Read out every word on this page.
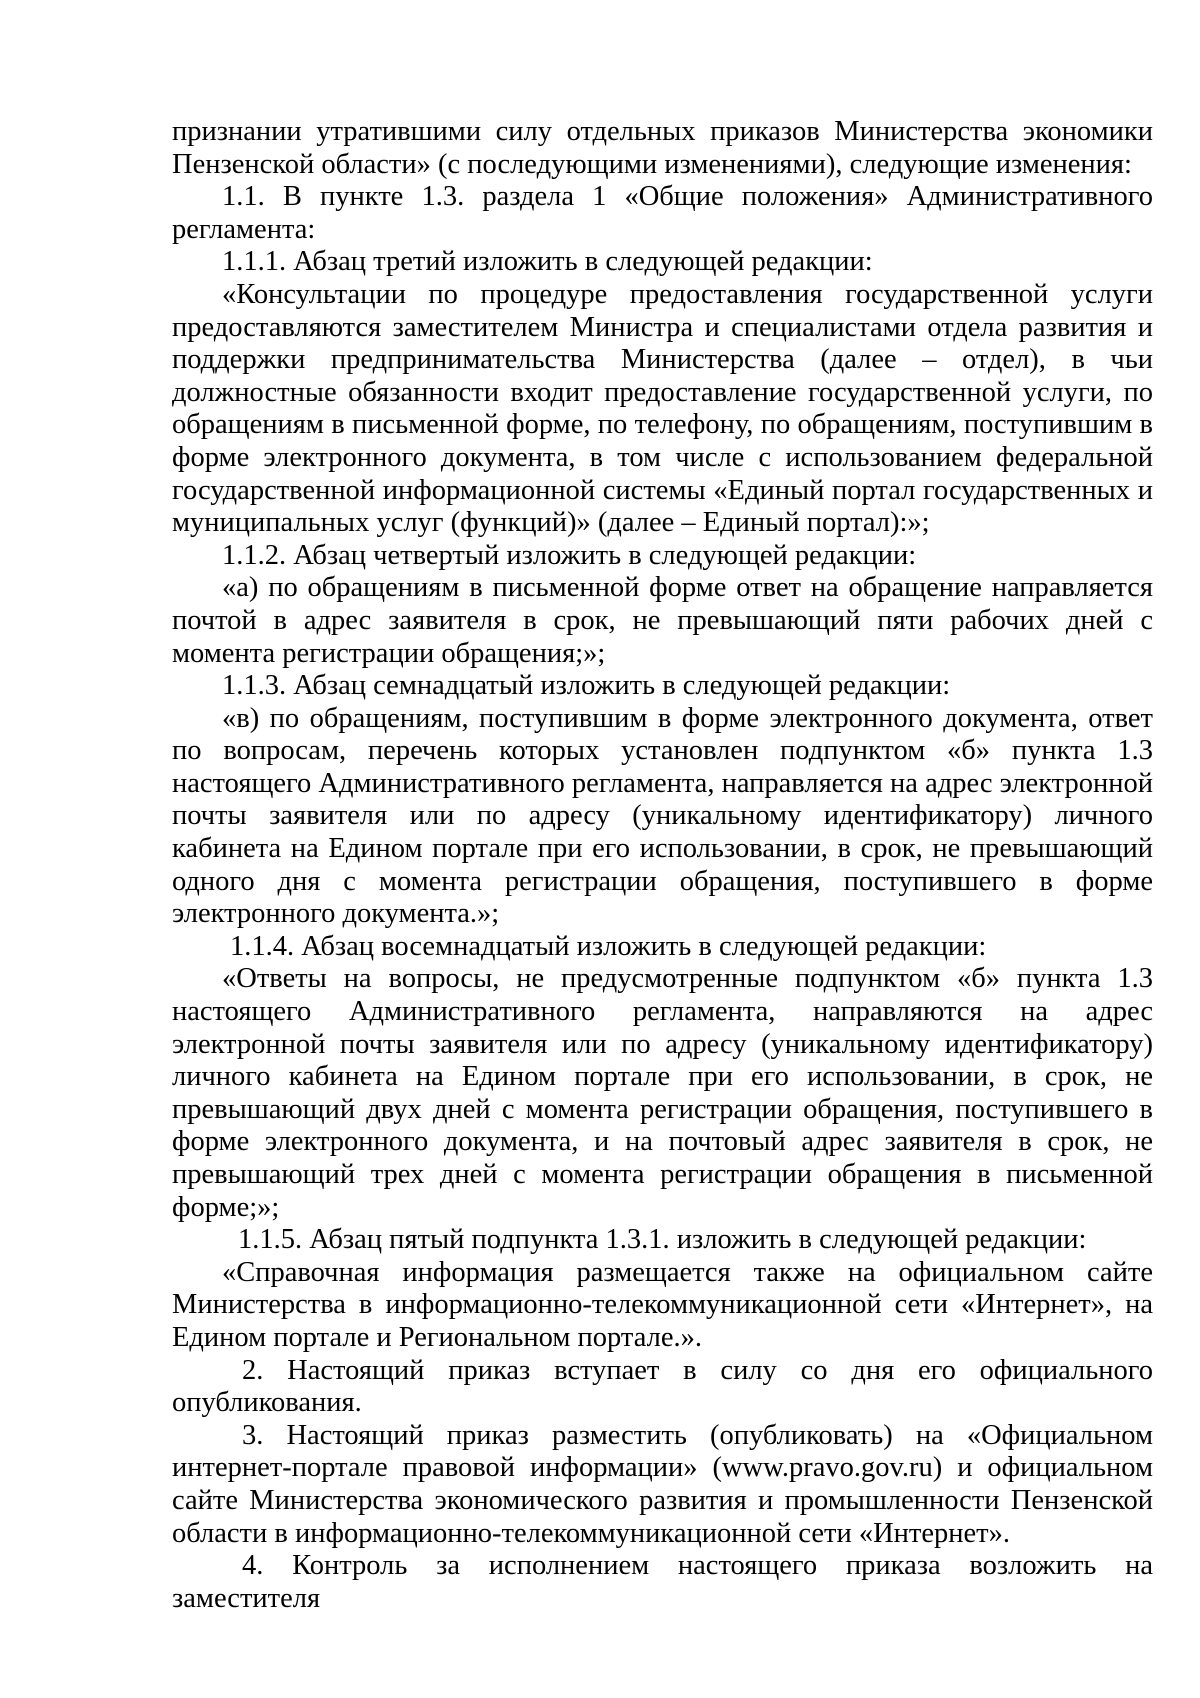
признании утратившими силу отдельных приказов Министерства экономики Пензенской области» (с последующими изменениями), следующие изменения:

1.1. В пункте 1.3. раздела 1 «Общие положения» Административного регламента:

1.1.1. Абзац третий изложить в следующей редакции:

«Консультации по процедуре предоставления государственной услуги предоставляются заместителем Министра и специалистами отдела развития и поддержки предпринимательства Министерства (далее – отдел), в чьи должностные обязанности входит предоставление государственной услуги, по обращениям в письменной форме, по телефону, по обращениям, поступившим в форме электронного документа, в том числе с использованием федеральной государственной информационной системы «Единый портал государственных и муниципальных услуг (функций)» (далее – Единый портал):»;

1.1.2. Абзац четвертый изложить в следующей редакции:

«а) по обращениям в письменной форме ответ на обращение направляется почтой в адрес заявителя в срок, не превышающий пяти рабочих дней с момента регистрации обращения;»;

1.1.3. Абзац семнадцатый изложить в следующей редакции:

«в) по обращениям, поступившим в форме электронного документа, ответ по вопросам, перечень которых установлен подпунктом «б» пункта 1.3 настоящего Административного регламента, направляется на адрес электронной почты заявителя или по адресу (уникальному идентификатору) личного кабинета на Едином портале при его использовании, в срок, не превышающий одного дня с момента регистрации обращения, поступившего в форме электронного документа.»;

1.1.4. Абзац восемнадцатый изложить в следующей редакции:

«Ответы на вопросы, не предусмотренные подпунктом «б» пункта 1.3 настоящего Административного регламента, направляются на адрес электронной почты заявителя или по адресу (уникальному идентификатору) личного кабинета на Едином портале при его использовании, в срок, не превышающий двух дней с момента регистрации обращения, поступившего в форме электронного документа, и на почтовый адрес заявителя в срок, не превышающий трех дней с момента регистрации обращения в письменной форме;»;

1.1.5. Абзац пятый подпункта 1.3.1. изложить в следующей редакции:

«Справочная информация размещается также на официальном сайте Министерства в информационно-телекоммуникационной сети «Интернет», на Едином портале и Региональном портале.».

2. Настоящий приказ вступает в силу со дня его официального опубликования.

3. Настоящий приказ разместить (опубликовать) на «Официальном интернет-портале правовой информации» (www.pravo.gov.ru) и официальном сайте Министерства экономического развития и промышленности Пензенской области в информационно-телекоммуникационной сети «Интернет».

4. Контроль за исполнением настоящего приказа возложить на заместителя
